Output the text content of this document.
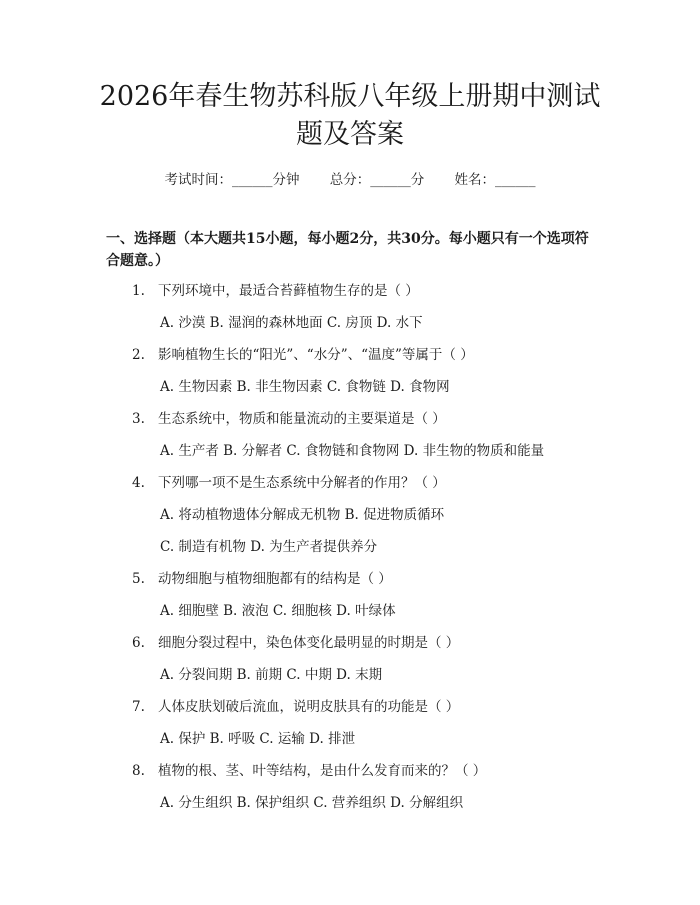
2026年春生物苏科版八年级上册期中测试题及答案
考试时间：______分钟 总分：______分 姓名：______

一、选择题（本大题共15小题，每小题2分，共30分。每小题只有一个选项符合题意。）

1. 下列环境中，最适合苔藓植物生存的是（ ）
A. 沙漠 B. 湿润的森林地面 C. 房顶 D. 水下
2. 影响植物生长的“阳光”、“水分”、“温度”等属于（ ）
A. 生物因素 B. 非生物因素 C. 食物链 D. 食物网
3. 生态系统中，物质和能量流动的主要渠道是（ ）
A. 生产者 B. 分解者 C. 食物链和食物网 D. 非生物的物质和能量
4. 下列哪一项不是生态系统中分解者的作用？（ ）
A. 将动植物遗体分解成无机物 B. 促进物质循环
C. 制造有机物 D. 为生产者提供养分
5. 动物细胞与植物细胞都有的结构是（ ）
A. 细胞壁 B. 液泡 C. 细胞核 D. 叶绿体
6. 细胞分裂过程中，染色体变化最明显的时期是（ ）
A. 分裂间期 B. 前期 C. 中期 D. 末期
7. 人体皮肤划破后流血，说明皮肤具有的功能是（ ）
A. 保护 B. 呼吸 C. 运输 D. 排泄
8. 植物的根、茎、叶等结构，是由什么发育而来的？（ ）
A. 分生组织 B. 保护组织 C. 营养组织 D. 分解组织
